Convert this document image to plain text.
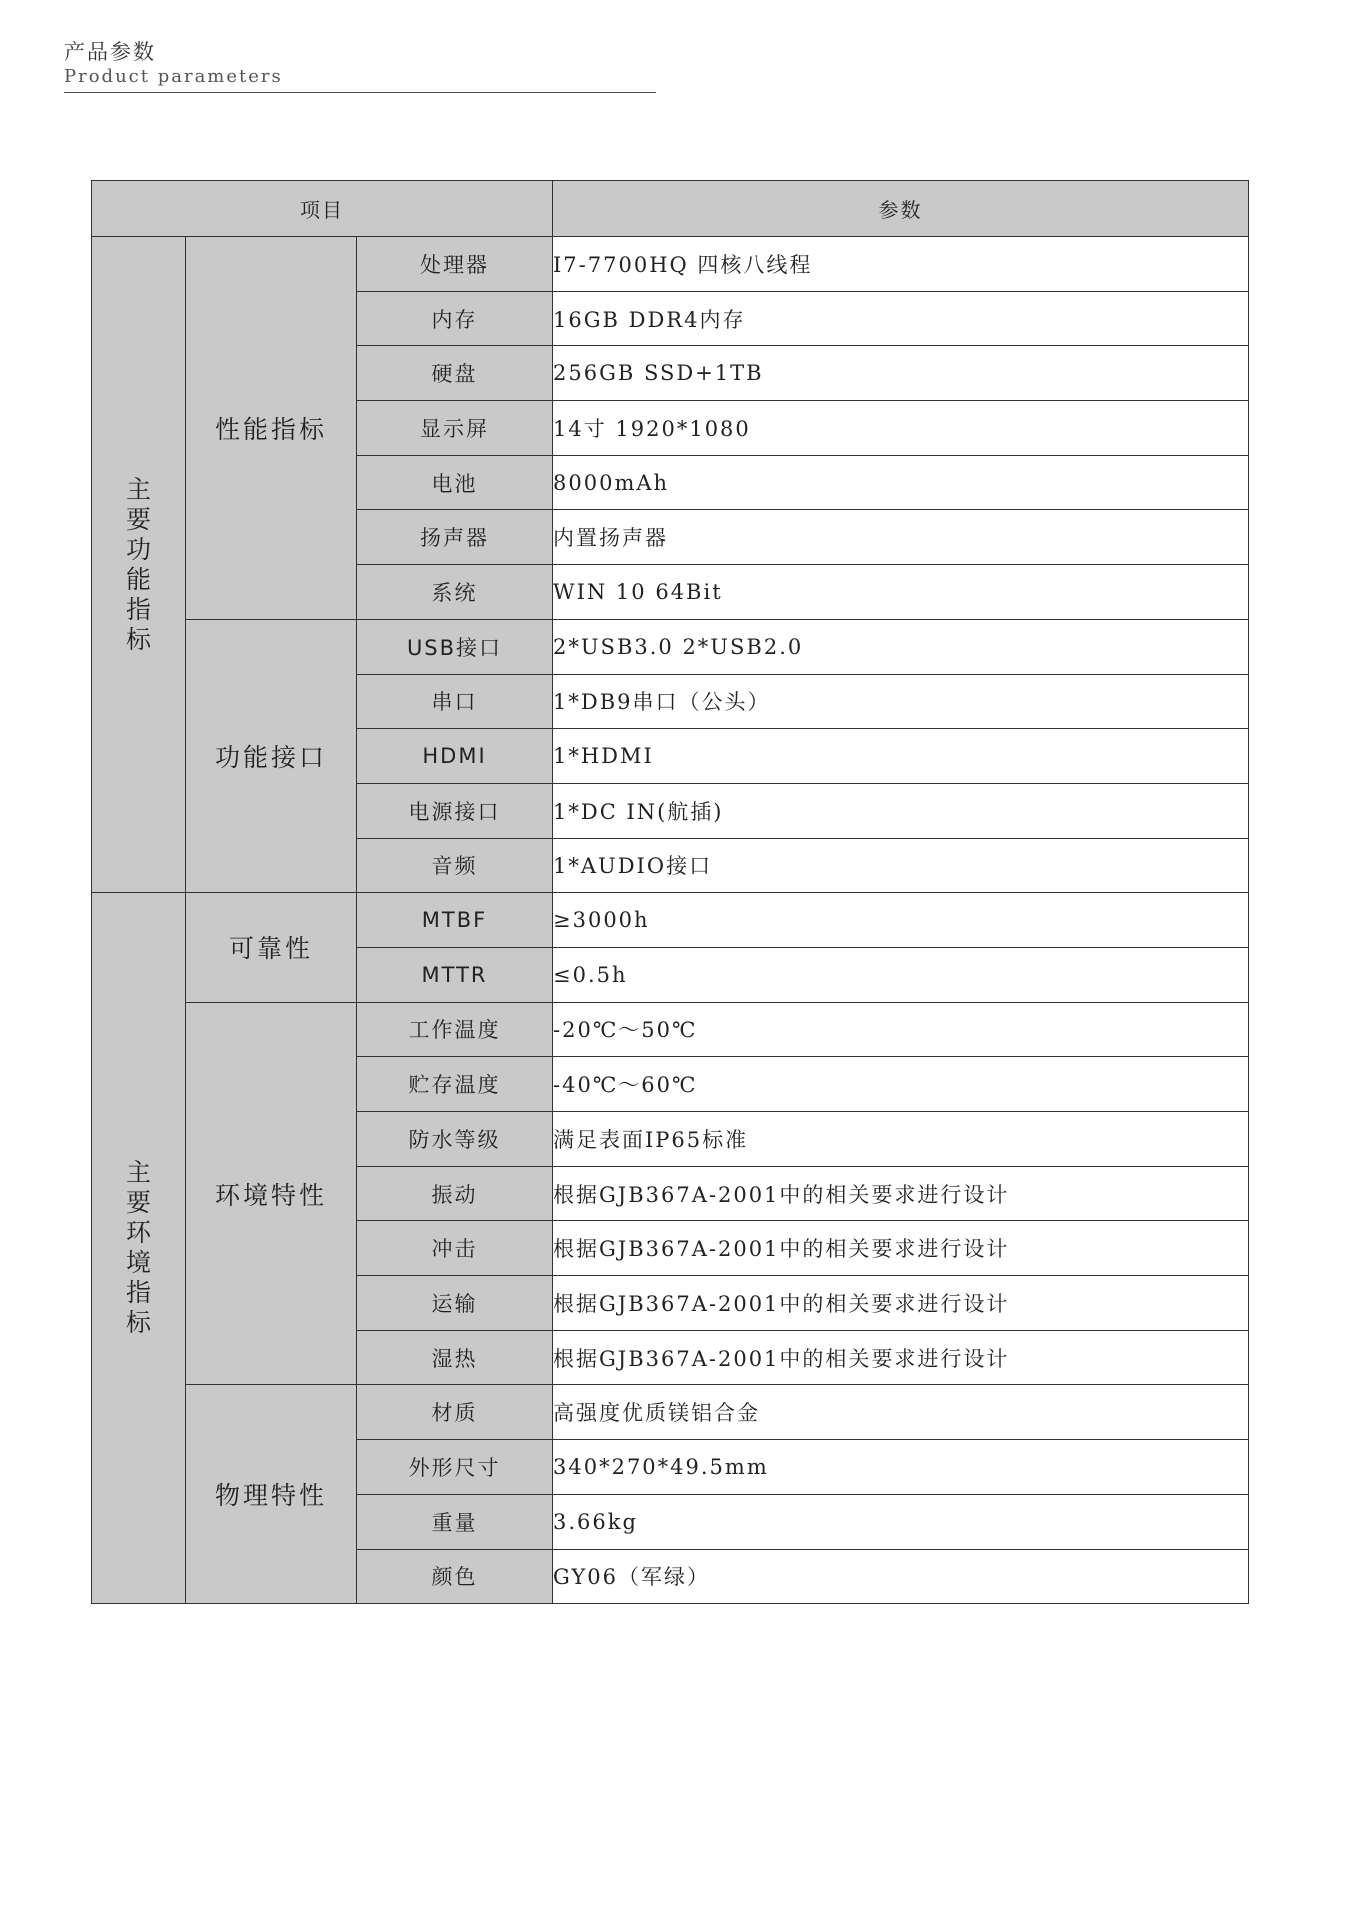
产品参数
Product parameters
项目			参数
主要功能指标	性能指标	处理器	I7-7700HQ 四核八线程
		内存	16GB DDR4内存
		硬盘	256GB SSD+1TB
		显示屏	14寸 1920*1080
		电池	8000mAh
		扬声器	内置扬声器
		系统	WIN 10 64Bit
	功能接口	USB接口	2*USB3.0 2*USB2.0
		串口	1*DB9串口（公头）
		HDMI	1*HDMI
		电源接口	1*DC IN(航插)
		音频	1*AUDIO接口
主要环境指标	可靠性	MTBF	≥3000h
		MTTR	≤0.5h
	环境特性	工作温度	-20℃～50℃
		贮存温度	-40℃～60℃
		防水等级	满足表面IP65标准
		振动	根据GJB367A-2001中的相关要求进行设计
		冲击	根据GJB367A-2001中的相关要求进行设计
		运输	根据GJB367A-2001中的相关要求进行设计
		湿热	根据GJB367A-2001中的相关要求进行设计
	物理特性	材质	高强度优质镁铝合金
		外形尺寸	340*270*49.5mm
		重量	3.66kg
		颜色	GY06（军绿）
